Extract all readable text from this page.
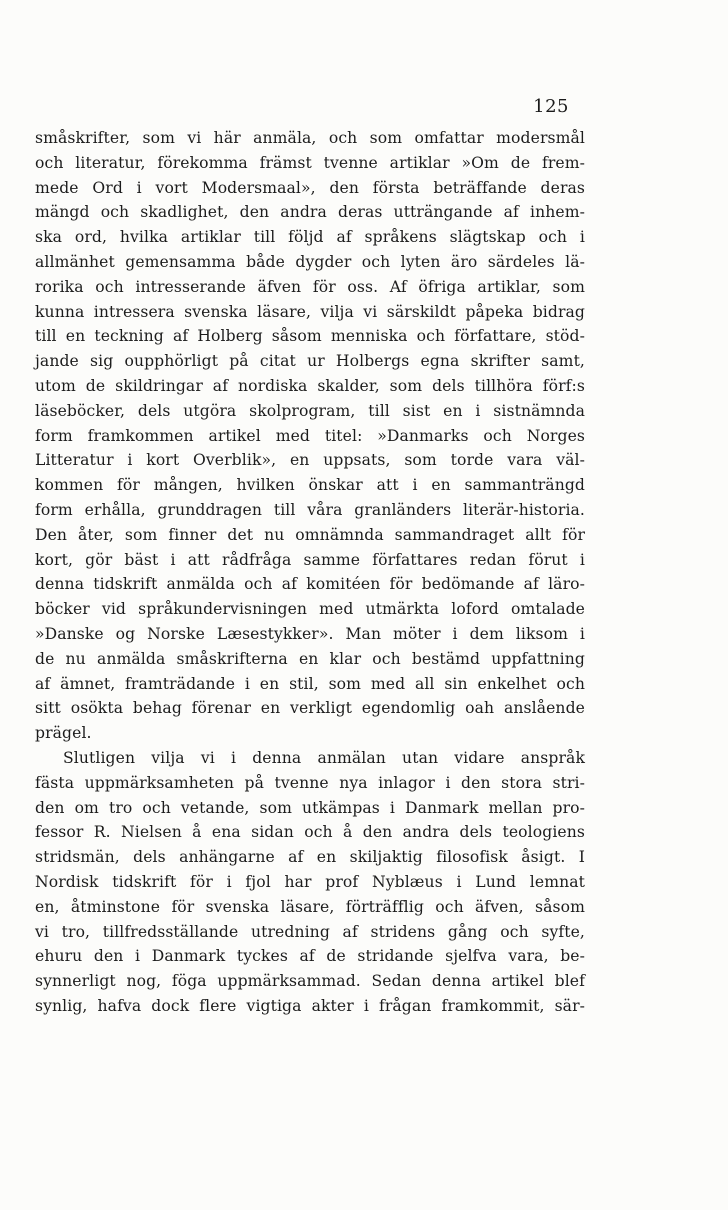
125
småskrifter, som vi här anmäla, och som omfattar modersmål
och literatur, förekomma främst tvenne artiklar »Om de frem-
mede Ord i vort Modersmaal», den första beträffande deras
mängd och skadlighet, den andra deras utträngande af inhem-
ska ord, hvilka artiklar till följd af språkens slägtskap och i
allmänhet gemensamma både dygder och lyten äro särdeles lä-
rorika och intresserande äfven för oss. Af öfriga artiklar, som
kunna intressera svenska läsare, vilja vi särskildt påpeka bidrag
till en teckning af Holberg såsom menniska och författare, stöd-
jande sig oupphörligt på citat ur Holbergs egna skrifter samt,
utom de skildringar af nordiska skalder, som dels tillhöra förf:s
läseböcker, dels utgöra skolprogram, till sist en i sistnämnda
form framkommen artikel med titel: »Danmarks och Norges
Litteratur i kort Overblik», en uppsats, som torde vara väl-
kommen för mången, hvilken önskar att i en sammanträngd
form erhålla, grunddragen till våra granländers literär-historia.
Den åter, som finner det nu omnämnda sammandraget allt för
kort, gör bäst i att rådfråga samme författares redan förut i
denna tidskrift anmälda och af komitéen för bedömande af läro-
böcker vid språkundervisningen med utmärkta loford omtalade
»Danske og Norske Læsestykker». Man möter i dem liksom i
de nu anmälda småskrifterna en klar och bestämd uppfattning
af ämnet, framträdande i en stil, som med all sin enkelhet och
sitt osökta behag förenar en verkligt egendomlig oah anslående
prägel.
Slutligen vilja vi i denna anmälan utan vidare anspråk
fästa uppmärksamheten på tvenne nya inlagor i den stora stri-
den om tro och vetande, som utkämpas i Danmark mellan pro-
fessor R. Nielsen å ena sidan och å den andra dels teologiens
stridsmän, dels anhängarne af en skiljaktig filosofisk åsigt. I
Nordisk tidskrift för i fjol har prof Nyblæus i Lund lemnat
en, åtminstone för svenska läsare, förträfflig och äfven, såsom
vi tro, tillfredsställande utredning af stridens gång och syfte,
ehuru den i Danmark tyckes af de stridande sjelfva vara, be-
synnerligt nog, föga uppmärksammad. Sedan denna artikel blef
synlig, hafva dock flere vigtiga akter i frågan framkommit, sär-
